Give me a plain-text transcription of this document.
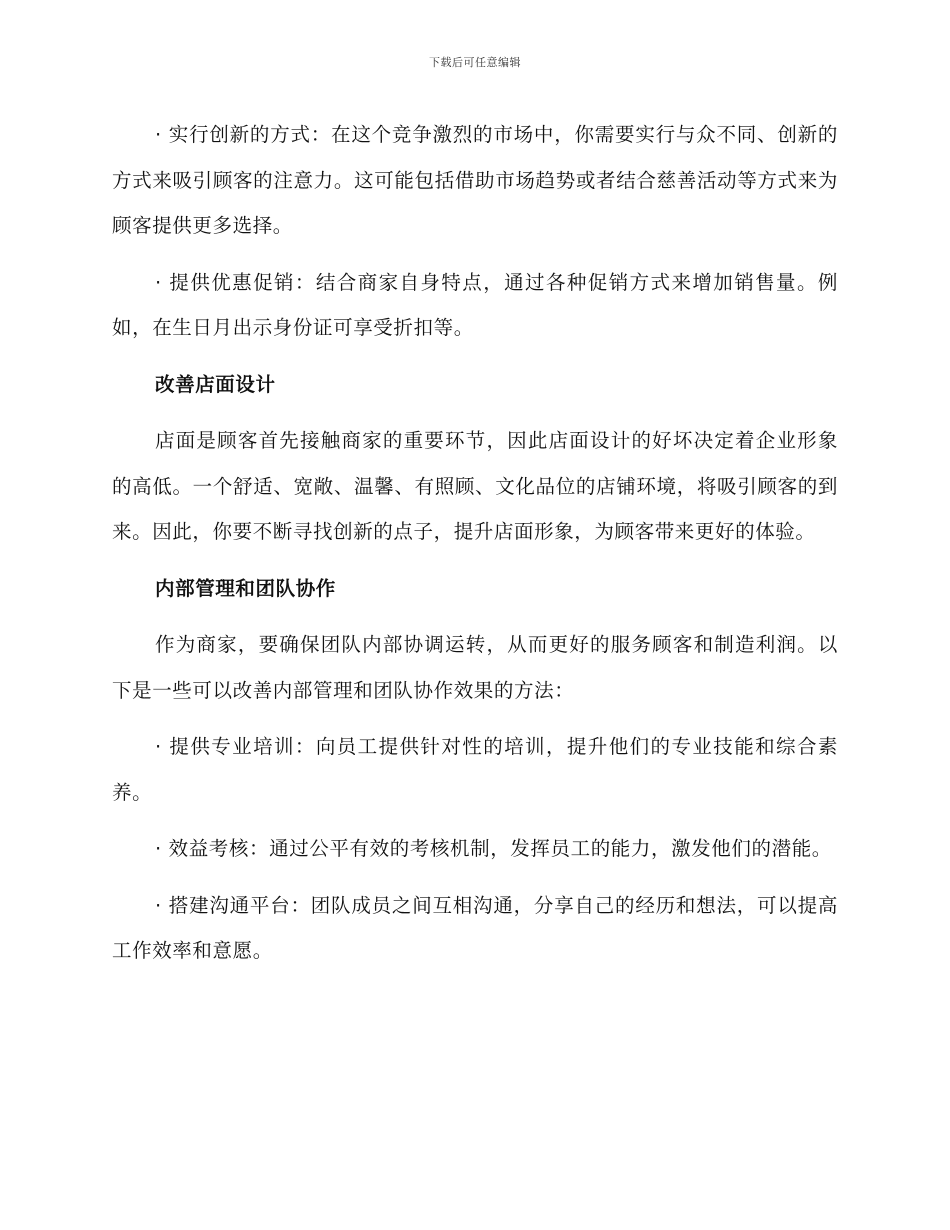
下载后可任意编辑

· 实行创新的方式：在这个竞争激烈的市场中，你需要实行与众不同、创新的方式来吸引顾客的注意力。这可能包括借助市场趋势或者结合慈善活动等方式来为顾客提供更多选择。

· 提供优惠促销：结合商家自身特点，通过各种促销方式来增加销售量。例如，在生日月出示身份证可享受折扣等。

改善店面设计

店面是顾客首先接触商家的重要环节，因此店面设计的好坏决定着企业形象的高低。一个舒适、宽敞、温馨、有照顾、文化品位的店铺环境，将吸引顾客的到来。因此，你要不断寻找创新的点子，提升店面形象，为顾客带来更好的体验。

内部管理和团队协作

作为商家，要确保团队内部协调运转，从而更好的服务顾客和制造利润。以下是一些可以改善内部管理和团队协作效果的方法：

· 提供专业培训：向员工提供针对性的培训，提升他们的专业技能和综合素养。

· 效益考核：通过公平有效的考核机制，发挥员工的能力，激发他们的潜能。

· 搭建沟通平台：团队成员之间互相沟通，分享自己的经历和想法，可以提高工作效率和意愿。
